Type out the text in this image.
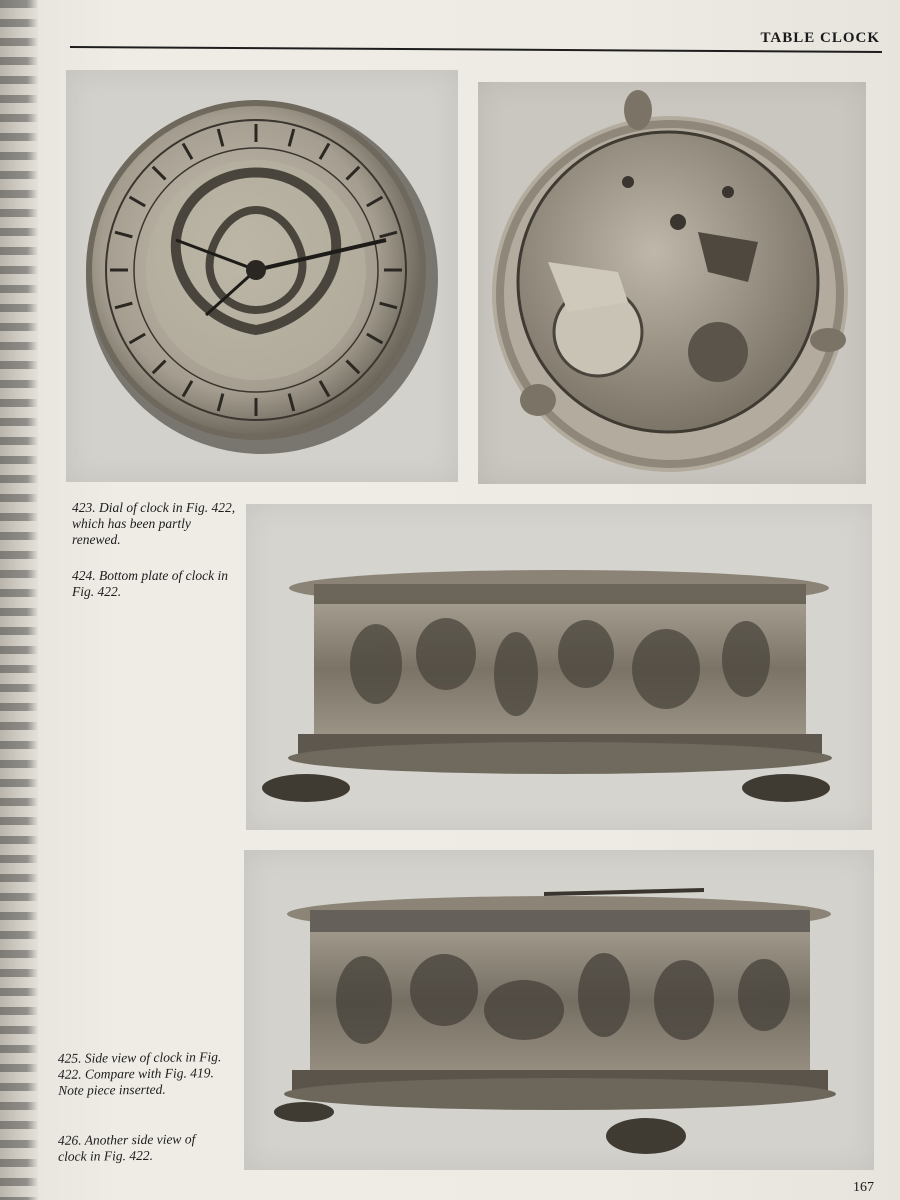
TABLE CLOCK
423. Dial of clock in Fig. 422, which has been partly renewed.
424. Bottom plate of clock in Fig. 422.
425. Side view of clock in Fig. 422. Compare with Fig. 419. Note piece inserted.
426. Another side view of clock in Fig. 422.
167
